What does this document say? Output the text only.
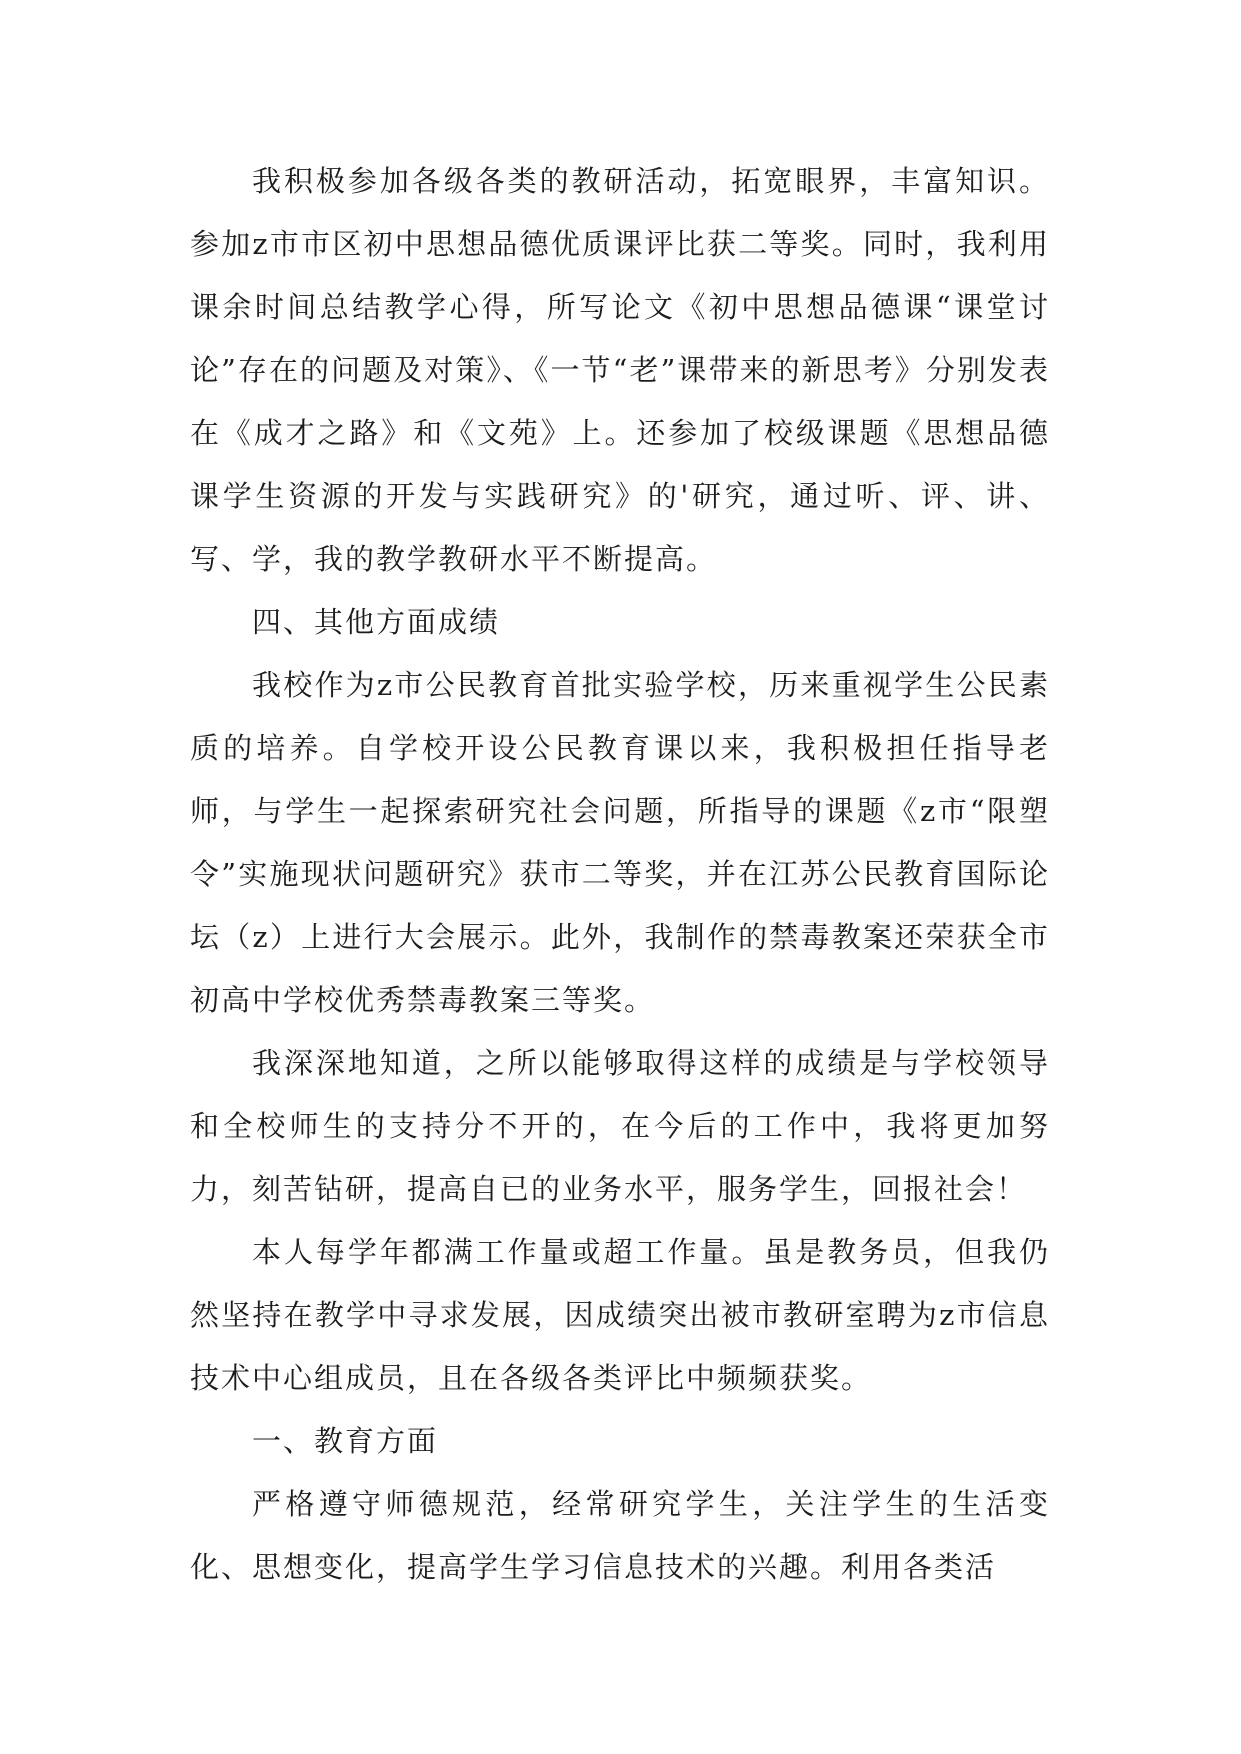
我积极参加各级各类的教研活动，拓宽眼界，丰富知识。参加z市市区初中思想品德优质课评比获二等奖。同时，我利用课余时间总结教学心得，所写论文《初中思想品德课“课堂讨论”存在的问题及对策》、《一节“老”课带来的新思考》分别发表在《成才之路》和《文苑》上。还参加了校级课题《思想品德课学生资源的开发与实践研究》的'研究，通过听、评、讲、写、学，我的教学教研水平不断提高。

四、其他方面成绩

我校作为z市公民教育首批实验学校，历来重视学生公民素质的培养。自学校开设公民教育课以来，我积极担任指导老师，与学生一起探索研究社会问题，所指导的课题《z市“限塑令”实施现状问题研究》获市二等奖，并在江苏公民教育国际论坛（z）上进行大会展示。此外，我制作的禁毒教案还荣获全市初高中学校优秀禁毒教案三等奖。

我深深地知道，之所以能够取得这样的成绩是与学校领导和全校师生的支持分不开的，在今后的工作中，我将更加努力，刻苦钻研，提高自已的业务水平，服务学生，回报社会！

本人每学年都满工作量或超工作量。虽是教务员，但我仍然坚持在教学中寻求发展，因成绩突出被市教研室聘为z市信息技术中心组成员，且在各级各类评比中频频获奖。

一、教育方面

严格遵守师德规范，经常研究学生，关注学生的生活变化、思想变化，提高学生学习信息技术的兴趣。利用各类活
